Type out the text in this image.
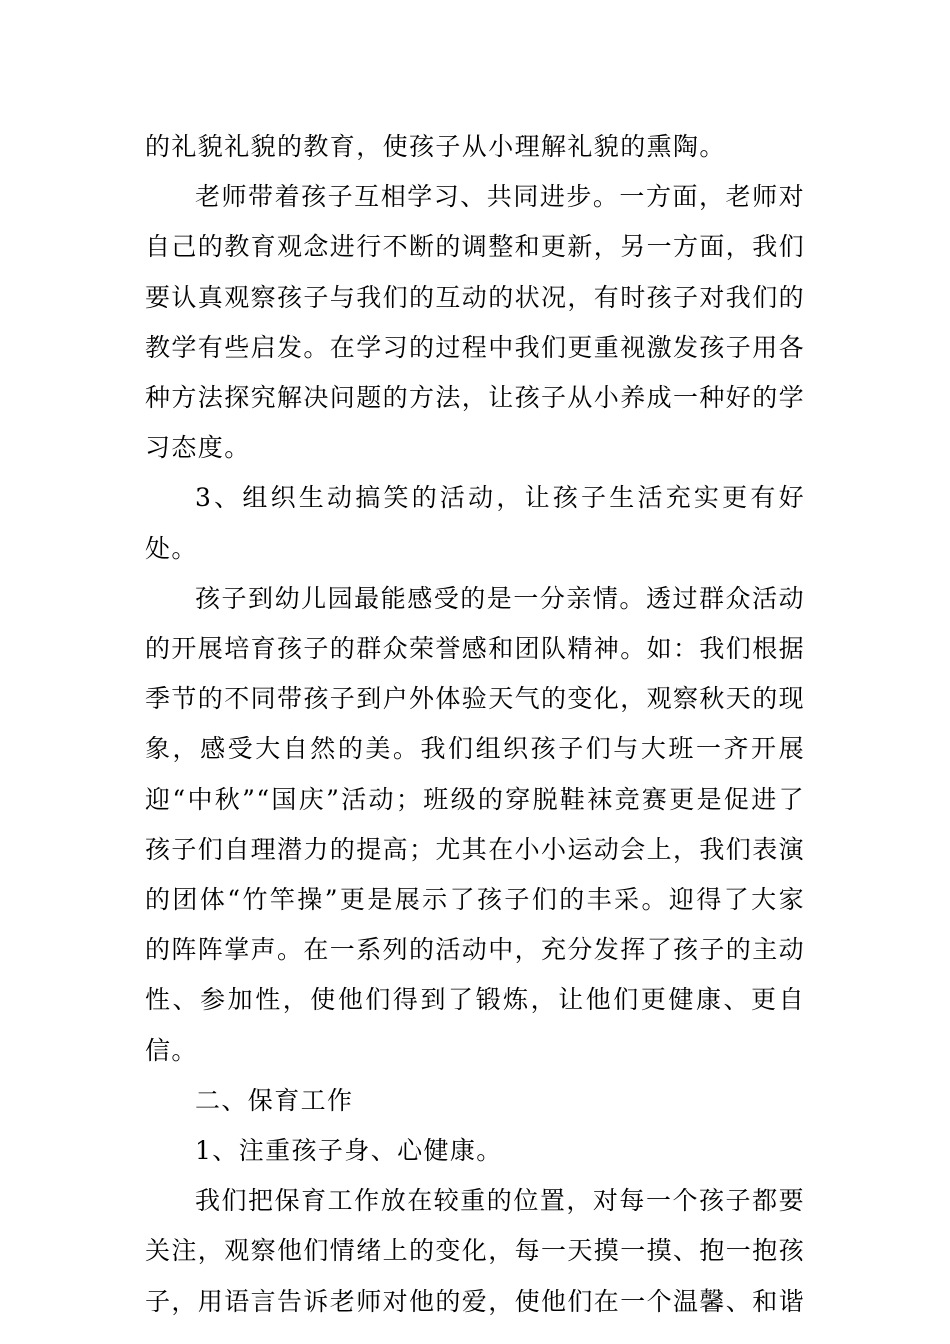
的礼貌礼貌的教育，使孩子从小理解礼貌的熏陶。
老师带着孩子互相学习、共同进步。一方面，老师对自己的教育观念进行不断的调整和更新，另一方面，我们要认真观察孩子与我们的互动的状况，有时孩子对我们的教学有些启发。在学习的过程中我们更重视激发孩子用各种方法探究解决问题的方法，让孩子从小养成一种好的学习态度。
3、组织生动搞笑的活动，让孩子生活充实更有好处。
孩子到幼儿园最能感受的是一分亲情。透过群众活动的开展培育孩子的群众荣誉感和团队精神。如：我们根据季节的不同带孩子到户外体验天气的变化，观察秋天的现象，感受大自然的美。我们组织孩子们与大班一齐开展迎“中秋”“国庆”活动；班级的穿脱鞋袜竞赛更是促进了孩子们自理潜力的提高；尤其在小小运动会上，我们表演的团体“竹竿操”更是展示了孩子们的丰采。迎得了大家的阵阵掌声。在一系列的活动中，充分发挥了孩子的主动性、参加性，使他们得到了锻炼，让他们更健康、更自信。
二、保育工作
1、注重孩子身、心健康。
我们把保育工作放在较重的位置，对每一个孩子都要关注，观察他们情绪上的变化，每一天摸一摸、抱一抱孩子，用语言告诉老师对他的爱，使他们在一个温馨、和谐
